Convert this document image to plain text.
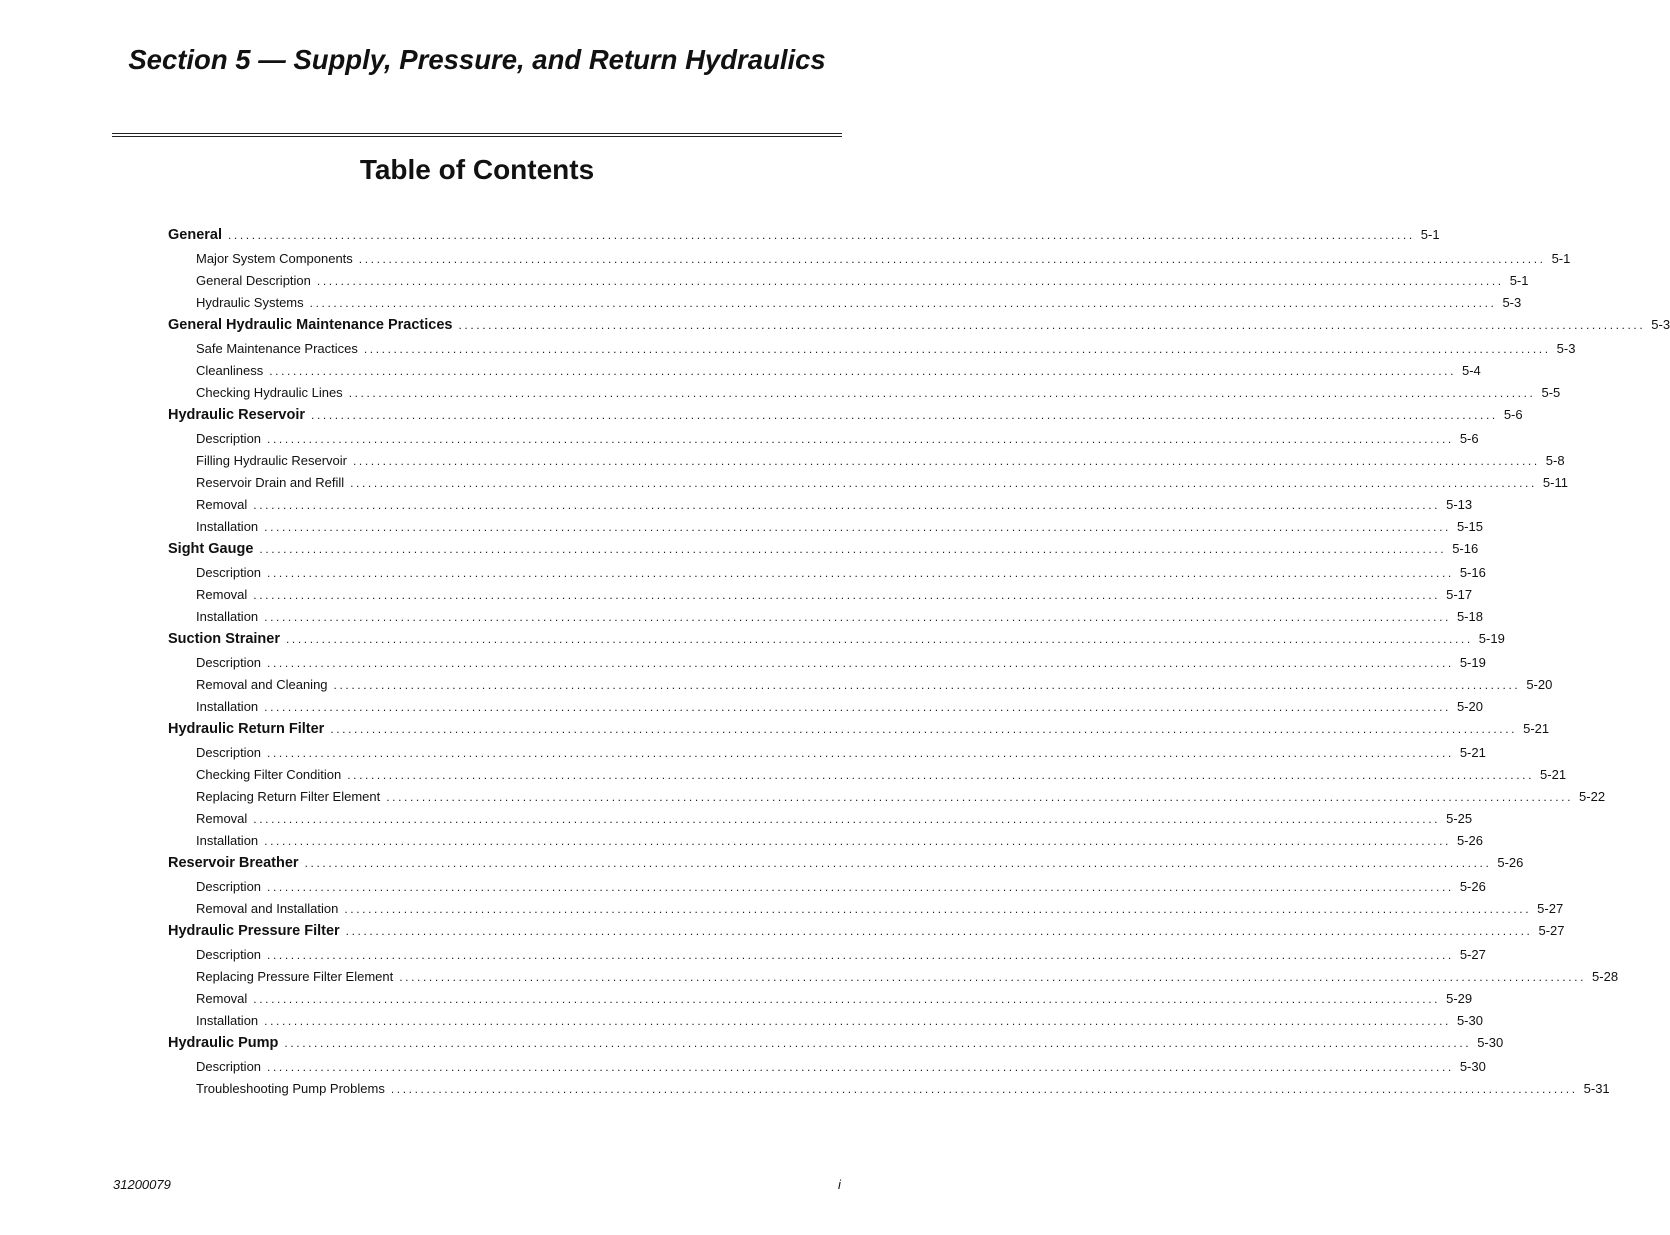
Section 5 — Supply, Pressure, and Return Hydraulics
Table of Contents
General ........................................................................................................................................................................................................ 5-1
Major System Components ........................................................................................................................................................................................................ 5-1
General Description ........................................................................................................................................................................................................ 5-1
Hydraulic Systems ........................................................................................................................................................................................................ 5-3
General Hydraulic Maintenance Practices ........................................................................................................................................................................................................ 5-3
Safe Maintenance Practices ........................................................................................................................................................................................................ 5-3
Cleanliness ........................................................................................................................................................................................................ 5-4
Checking Hydraulic Lines ........................................................................................................................................................................................................ 5-5
Hydraulic Reservoir ........................................................................................................................................................................................................ 5-6
Description ........................................................................................................................................................................................................ 5-6
Filling Hydraulic Reservoir ........................................................................................................................................................................................................ 5-8
Reservoir Drain and Refill ........................................................................................................................................................................................................ 5-11
Removal ........................................................................................................................................................................................................ 5-13
Installation ........................................................................................................................................................................................................ 5-15
Sight Gauge ........................................................................................................................................................................................................ 5-16
Description ........................................................................................................................................................................................................ 5-16
Removal ........................................................................................................................................................................................................ 5-17
Installation ........................................................................................................................................................................................................ 5-18
Suction Strainer ........................................................................................................................................................................................................ 5-19
Description ........................................................................................................................................................................................................ 5-19
Removal and Cleaning ........................................................................................................................................................................................................ 5-20
Installation ........................................................................................................................................................................................................ 5-20
Hydraulic Return Filter ........................................................................................................................................................................................................ 5-21
Description ........................................................................................................................................................................................................ 5-21
Checking Filter Condition ........................................................................................................................................................................................................ 5-21
Replacing Return Filter Element ........................................................................................................................................................................................................ 5-22
Removal ........................................................................................................................................................................................................ 5-25
Installation ........................................................................................................................................................................................................ 5-26
Reservoir Breather ........................................................................................................................................................................................................ 5-26
Description ........................................................................................................................................................................................................ 5-26
Removal and Installation ........................................................................................................................................................................................................ 5-27
Hydraulic Pressure Filter ........................................................................................................................................................................................................ 5-27
Description ........................................................................................................................................................................................................ 5-27
Replacing Pressure Filter Element ........................................................................................................................................................................................................ 5-28
Removal ........................................................................................................................................................................................................ 5-29
Installation ........................................................................................................................................................................................................ 5-30
Hydraulic Pump ........................................................................................................................................................................................................ 5-30
Description ........................................................................................................................................................................................................ 5-30
Troubleshooting Pump Problems ........................................................................................................................................................................................................ 5-31
31200079	i
